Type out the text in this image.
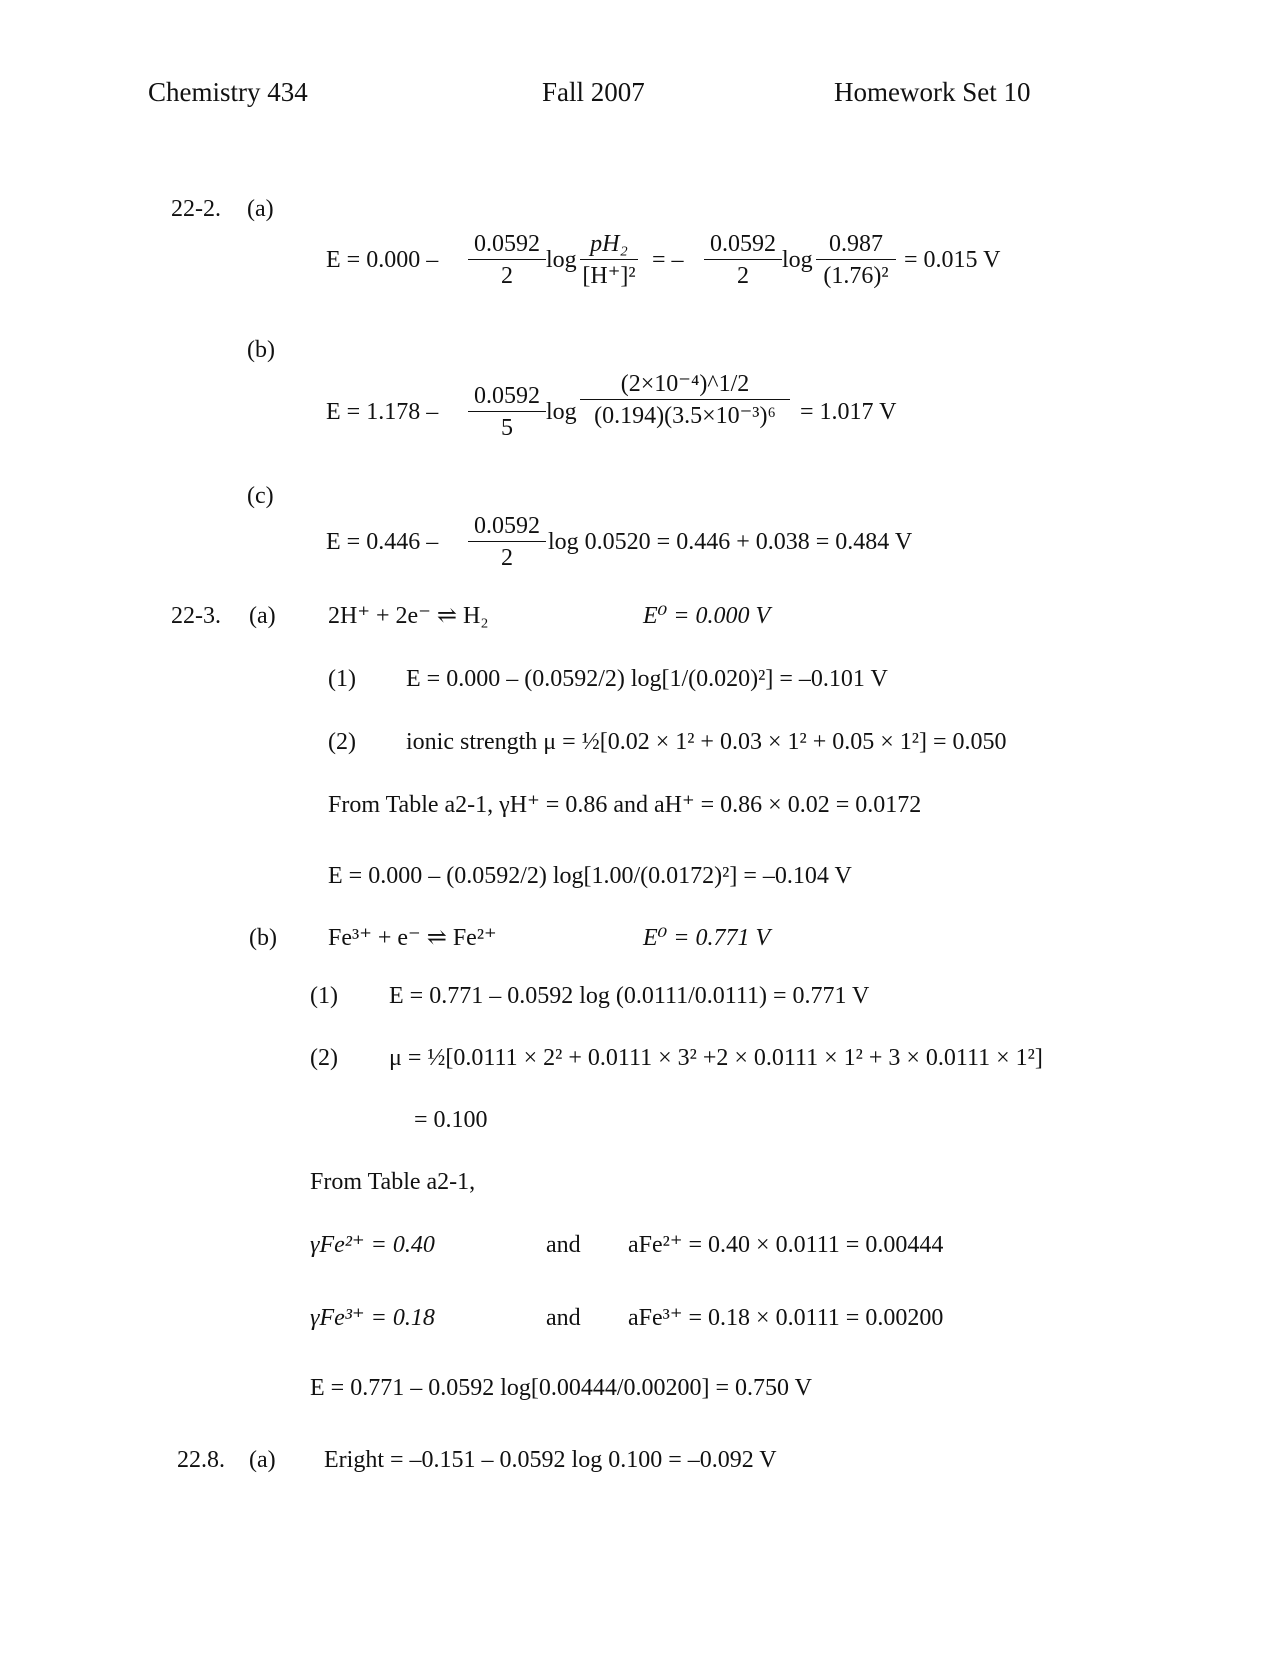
Chemistry 434	Fall 2007	Homework Set 10
22-2. (a)
$E = 0.000 - \frac{0.0592}{2}$ $\log \frac{\text{pH₂}}{\text{[H⁺]²}}$ = – $\frac{0.0592}{2}$ $\log \frac{0.987}{\text{(1.76)²}} = 0.015$ V
(b)
$E = 1.178 - \frac{0.0592}{5}$ $\log \frac{\text{(2×10⁻⁴)\textasciicircum{}1/2}}{\text{(0.194)(3.5×10⁻³)⁶}} = 1.017$ V
(c)
$E = 0.446 - \frac{0.0592}{2}$ log 0.0520 = 0.446 + 0.038 = 0.484 V
22-3. (a) 2H⁺ + 2e⁻ ⇌ H₂	E⁰ = 0.000 V
(1) E = 0.000 – (0.0592/2) log[1/(0.020)²] = –0.101 V
(2) ionic strength μ = ½[0.02 × 1² + 0.03 × 1² + 0.05 × 1²] = 0.050
From Table a2-1, γH⁺ = 0.86 and aH⁺ = 0.86 × 0.02 = 0.0172
E = 0.000 – (0.0592/2) log[1.00/(0.0172)²] = –0.104 V
(b) Fe³⁺ + e⁻ ⇌ Fe²⁺	E⁰ = 0.771 V
(1) E = 0.771 – 0.0592 log (0.0111/0.0111) = 0.771 V
(2) μ = ½[0.0111 × 2² + 0.0111 × 3² +2 × 0.0111 × 1² + 3 × 0.0111 × 1²]
= 0.100
From Table a2-1,
γFe²⁺ = 0.40	and aFe²⁺ = 0.40 × 0.0111 = 0.00444
γFe³⁺ = 0.18	and aFe³⁺ = 0.18 × 0.0111 = 0.00200
E = 0.771 – 0.0592 log[0.00444/0.00200] = 0.750 V
22.8. (a) Eright = –0.151 – 0.0592 log 0.100 = –0.092 V
